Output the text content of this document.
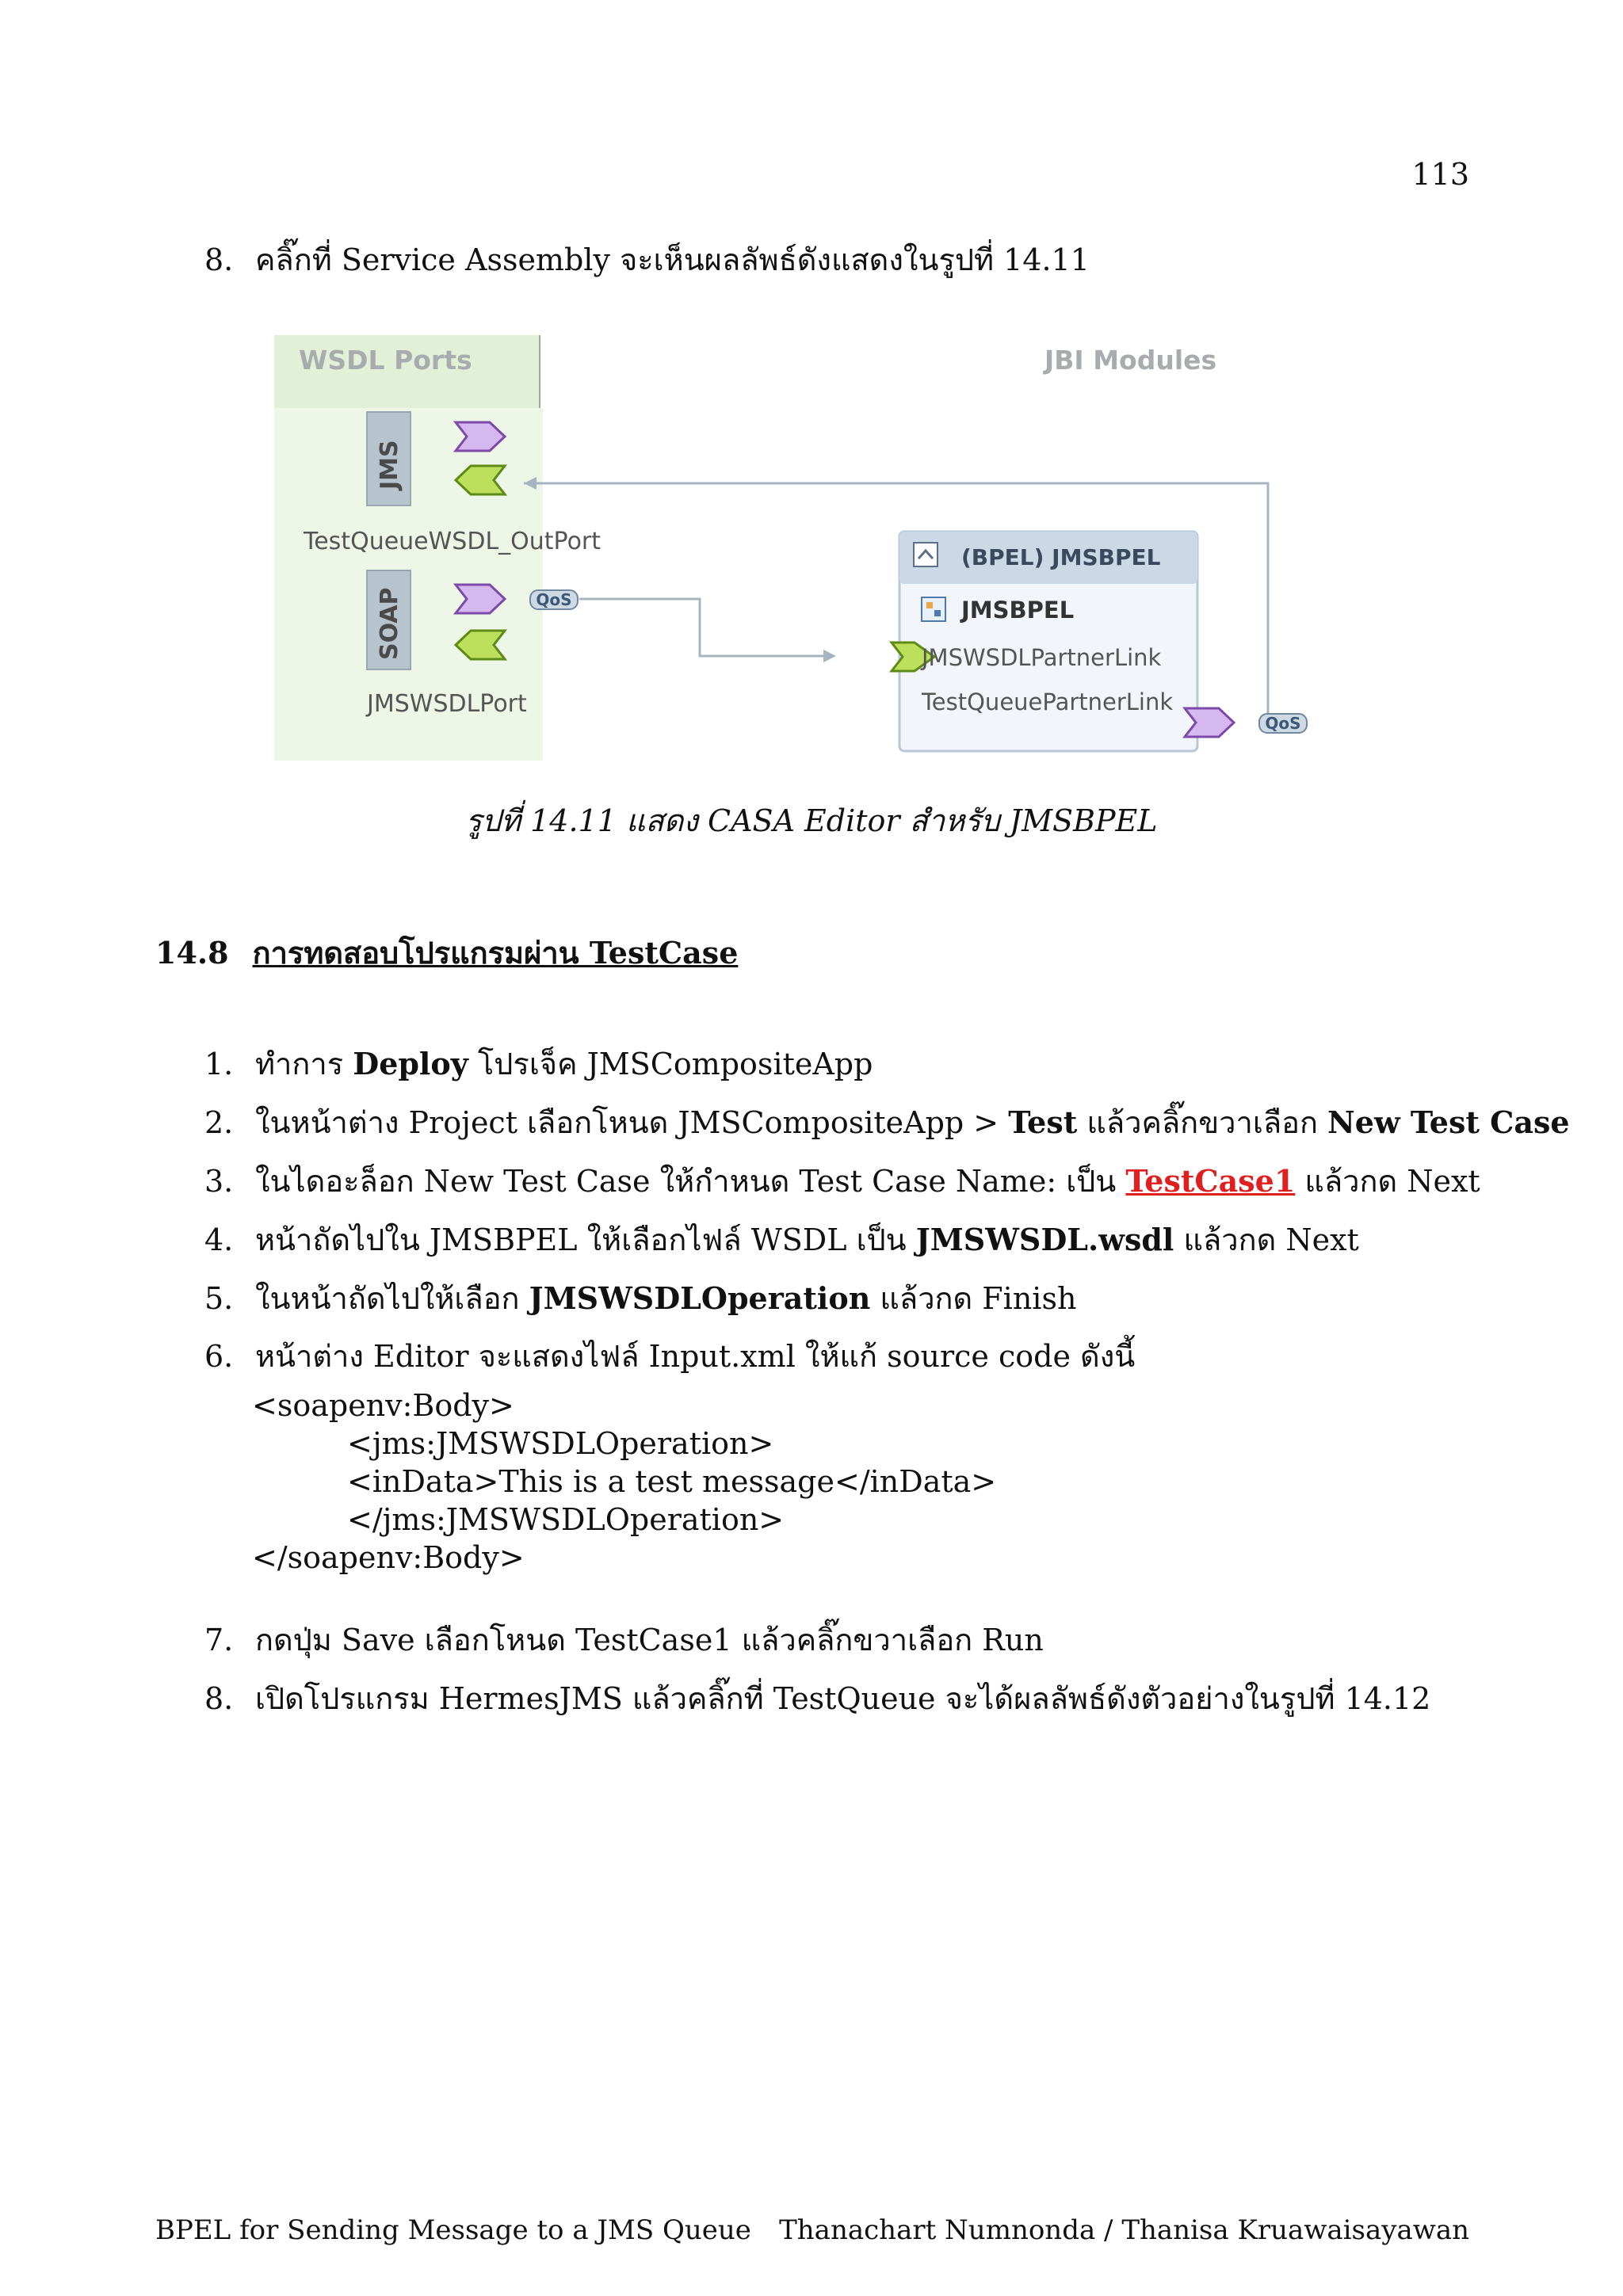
113
8. คลิ๊กที่ Service Assembly จะเห็นผลลัพธ์ดังแสดงในรูปที่ 14.11
JMS
TestQueueWSDL_OutPort
SOAP	QoS
JMSWSDLPort
WSDL Ports	JBI Modules
(BPEL) JMSBPEL
JMSBPEL
JMSWSDLPartnerLink
TestQueuePartnerLink
QoS
รูปที่ 14.11 แสดง CASA Editor สำหรับ JMSBPEL
14.8 การทดสอบโปรแกรมผ่าน TestCase
1. ทำการ Deploy โปรเจ็ค JMSCompositeApp
2. ในหน้าต่าง Project เลือกโหนด JMSCompositeApp > Test แล้วคลิ๊กขวาเลือก New Test Case
3. ในไดอะล็อก New Test Case ให้กำหนด Test Case Name: เป็น TestCase1 แล้วกด Next
4. หน้าถัดไปใน JMSBPEL ให้เลือกไฟล์ WSDL เป็น JMSWSDL.wsdl แล้วกด Next
5. ในหน้าถัดไปให้เลือก JMSWSDLOperation แล้วกด Finish
6. หน้าต่าง Editor จะแสดงไฟล์ Input.xml ให้แก้ source code ดังนี้
<soapenv:Body>
<jms:JMSWSDLOperation>
<inData>This is a test message</inData>
</jms:JMSWSDLOperation>
</soapenv:Body>
7. กดปุ่ม Save เลือกโหนด TestCase1 แล้วคลิ๊กขวาเลือก Run
8. เปิดโปรแกรม HermesJMS แล้วคลิ๊กที่ TestQueue จะได้ผลลัพธ์ดังตัวอย่างในรูปที่ 14.12
BPEL for Sending Message to a JMS Queue Thanachart Numnonda / Thanisa Kruawaisayawan
